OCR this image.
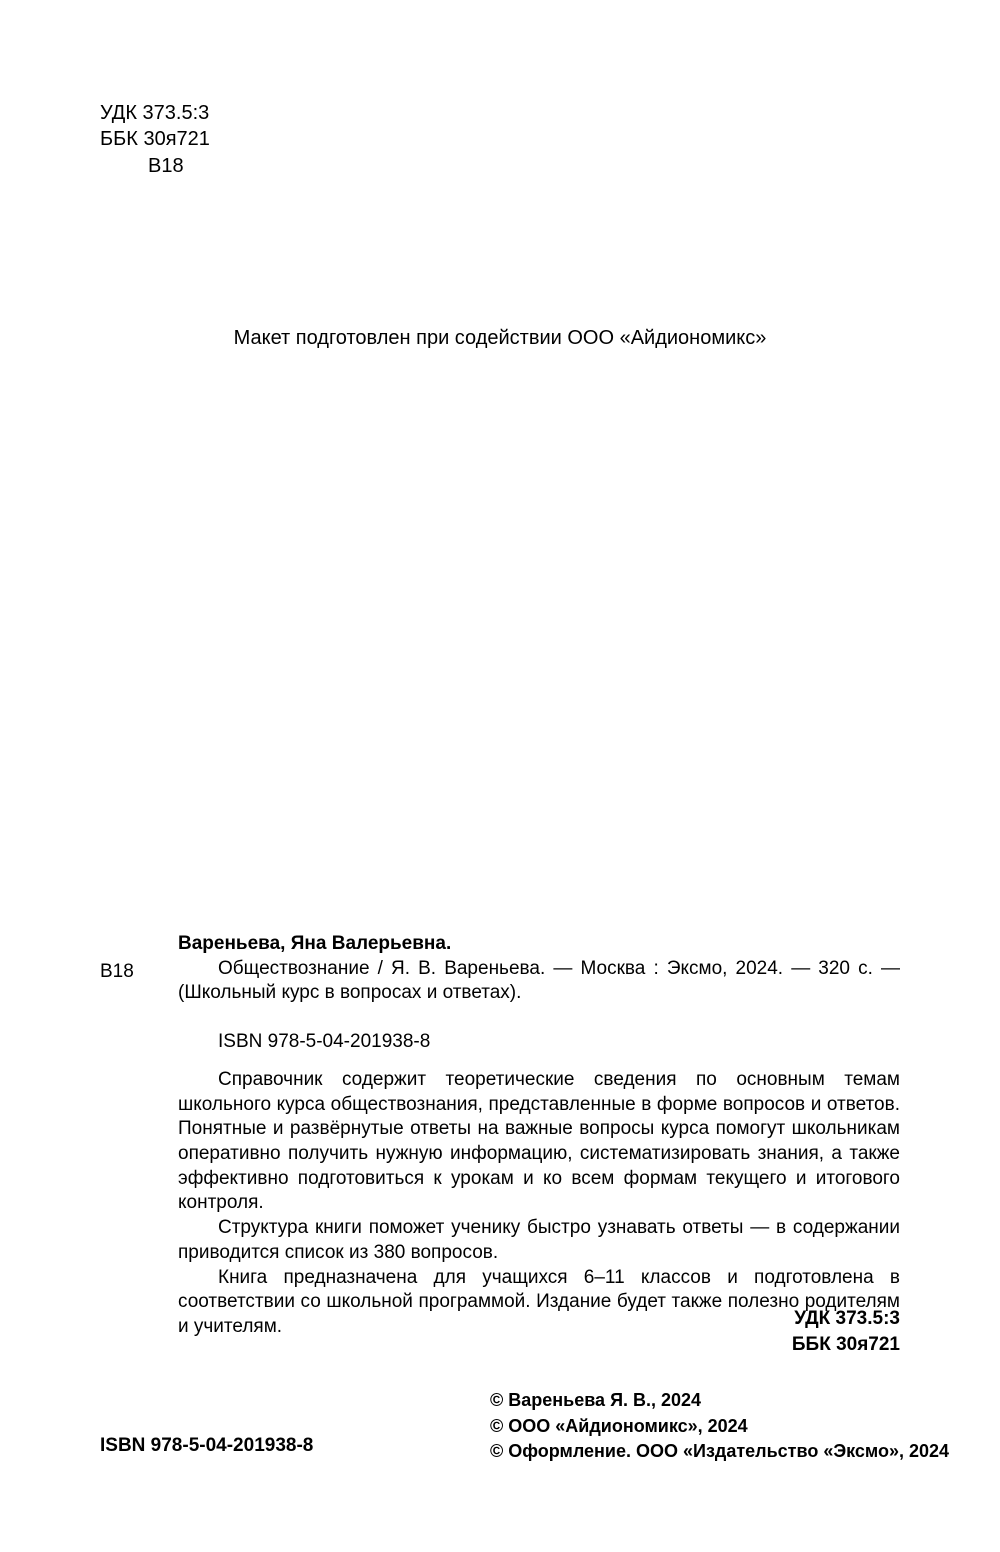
УДК 373.5:3
ББК 30я721
В18
Макет подготовлен при содействии ООО «Айдиономикс»
В18
Вареньева, Яна Валерьевна.

Обществознание / Я. В. Вареньева. — Москва : Эксмо, 2024. — 320 с. — (Школьный курс в вопросах и ответах).

ISBN 978-5-04-201938-8

Справочник содержит теоретические сведения по основным темам школьного курса обществознания, представленные в форме вопросов и ответов. Понятные и развёрнутые ответы на важные вопросы курса помогут школьникам оперативно получить нужную информацию, систематизировать знания, а также эффективно подготовиться к урокам и ко всем формам текущего и итогового контроля.

Структура книги поможет ученику быстро узнавать ответы — в содержании приводится список из 380 вопросов.

Книга предназначена для учащихся 6–11 классов и подготовлена в соответствии со школьной программой. Издание будет также полезно родителям и учителям.	УДК 373.5:3
ББК 30я721
© Вареньева Я. В., 2024
© ООО «Айдиономикс», 2024
© Оформление. ООО «Издательство «Эксмо», 2024
ISBN 978-5-04-201938-8
